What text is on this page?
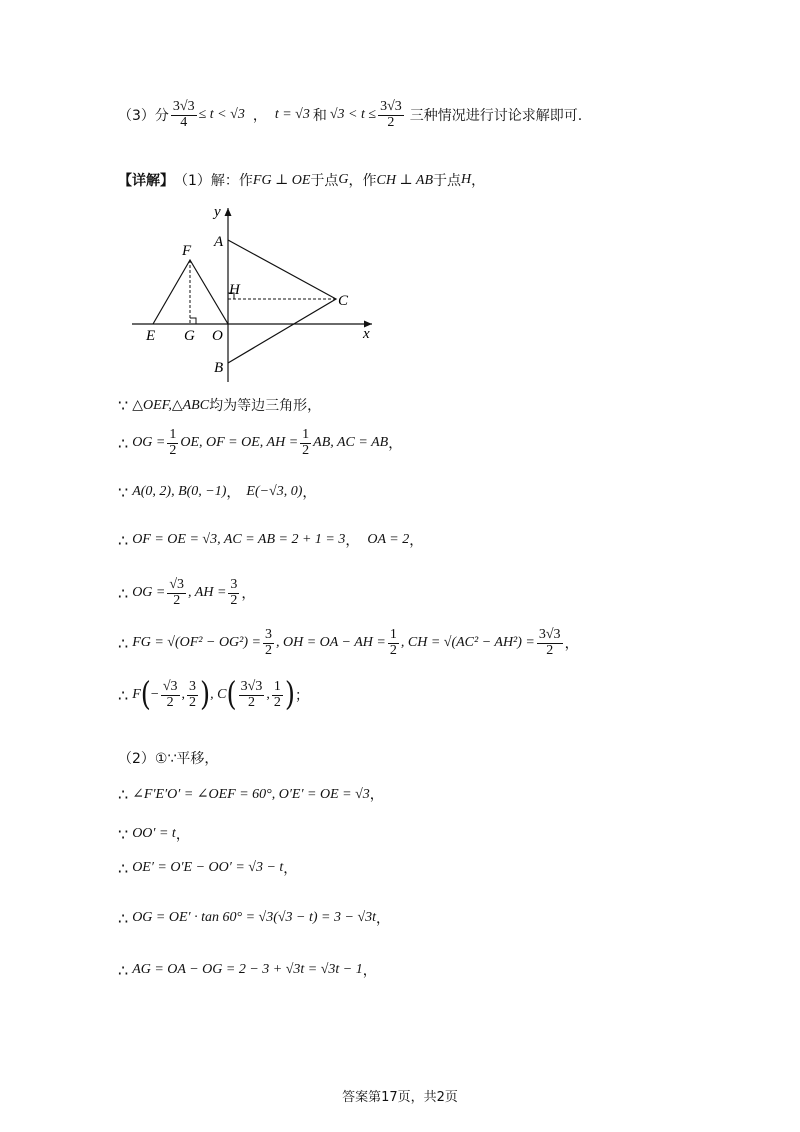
（3）分 $\frac{3√3}{4} \le t < √3$ ， t = √3 和 $√3 < t \le \frac{3√3}{2}$ 三种情况进行讨论求解即可.
【详解】 （1）解：作 FG ⊥ OE 于点 G ，作 CH ⊥ AB 于点 H ，
y
A
F
H
C
E G O	x
B
∵ △OEF,△ABC 均为等边三角形，
∴ OG = $\frac{1}{2}$ OE, OF = OE, AH = $\frac{1}{2}$ AB, AC = AB ，
∵ A(0, 2), B(0, −1) ， E(−√3, 0) ，
∴ OF = OE = √3, AC = AB = 2 + 1 = 3 ， OA = 2 ，
∴ OG = $\frac{√3}{2}$ , AH = $\frac{3}{2}$ ，
∴ FG = $√(OF^2 - OG^2) = \frac{3}{2}$ , OH = OA − AH = $\frac{1}{2}$ , CH = $√(AC^2 - AH^2) = \frac{3√3}{2}$ ，
∴ F ( − $\frac{√3}{2}$ , $\frac{3}{2}$ ) , C ( $\frac{3√3}{2}$ , $\frac{1}{2}$ ) ；
（2）①∵平移，
∴ ∠F′E′O′ = ∠OEF = 60°, O′E′ = OE = √3 ，
∵ OO′ = t ，
∴ OE′ = O′E − OO′ = √3 − t ，
∴ OG = OE′ · tan 60° = √3(√3 − t) = 3 − √3t ，
∴ AG = OA − OG = 2 − 3 + √3t = √3t − 1 ，
答案第17页，共2页
